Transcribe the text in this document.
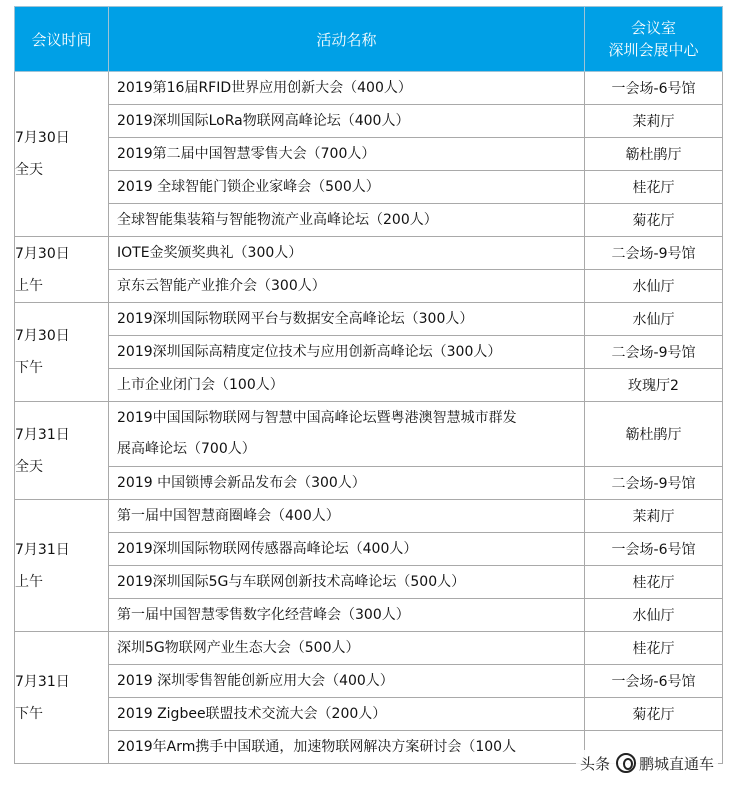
会议时间	活动名称	会议室
深圳会展中心

7月30日
全天	2019第16届RFID世界应用创新大会（400人）	一会场-6号馆

	2019深圳国际LoRa物联网高峰论坛（400人）	茉莉厅

	2019第二届中国智慧零售大会（700人）	簕杜鹃厅

	2019 全球智能门锁企业家峰会（500人）	桂花厅

	全球智能集装箱与智能物流产业高峰论坛（200人）	菊花厅

7月30日
上午	IOTE金奖颁奖典礼（300人）	二会场-9号馆

	京东云智能产业推介会（300人）	水仙厅

7月30日
下午	2019深圳国际物联网平台与数据安全高峰论坛（300人）	水仙厅

	2019深圳国际高精度定位技术与应用创新高峰论坛（300人）	二会场-9号馆

	上市企业闭门会（100人）	玫瑰厅2

7月31日
全天	2019中国国际物联网与智慧中国高峰论坛暨粤港澳智慧城市群发
展高峰论坛（700人）	簕杜鹃厅

	2019 中国锁博会新品发布会（300人）	二会场-9号馆

7月31日
上午	第一届中国智慧商圈峰会（400人）	茉莉厅

	2019深圳国际物联网传感器高峰论坛（400人）	一会场-6号馆

	2019深圳国际5G与车联网创新技术高峰论坛（500人）	桂花厅

	第一届中国智慧零售数字化经营峰会（300人）	水仙厅

7月31日
下午	深圳5G物联网产业生态大会（500人）	桂花厅

	2019 深圳零售智能创新应用大会（400人）	一会场-6号馆

	2019 Zigbee联盟技术交流大会（200人）	菊花厅

	2019年Arm携手中国联通，加速物联网解决方案研讨会（100人	

头条 鹏城直通车
